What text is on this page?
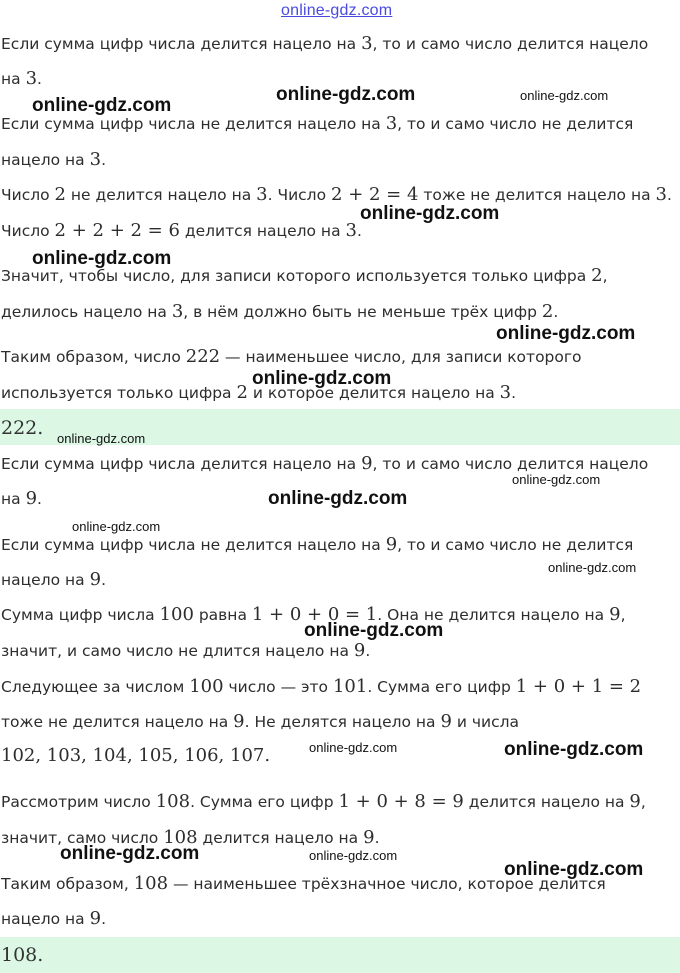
online-gdz.com
Если сумма цифр числа делится нацело на 3, то и само число делится нацело
на 3.
Если сумма цифр числа не делится нацело на 3, то и само число не делится
нацело на 3.
Число 2 не делится нацело на 3. Число 2 + 2 = 4 тоже не делится нацело на 3.
Число 2 + 2 + 2 = 6 делится нацело на 3.
Значит, чтобы число, для записи которого используется только цифра 2,
делилось нацело на 3, в нём должно быть не меньше трёх цифр 2.
Таким образом, число 222 — наименьшее число, для записи которого
используется только цифра 2 и которое делится нацело на 3.
222.
Если сумма цифр числа делится нацело на 9, то и само число делится нацело
на 9.
Если сумма цифр числа не делится нацело на 9, то и само число не делится
нацело на 9.
Сумма цифр числа 100 равна 1 + 0 + 0 = 1. Она не делится нацело на 9,
значит, и само число не длится нацело на 9.
Следующее за числом 100 число — это 101. Сумма его цифр 1 + 0 + 1 = 2
тоже не делится нацело на 9. Не делятся нацело на 9 и числа
102, 103, 104, 105, 106, 107.
Рассмотрим число 108. Сумма его цифр 1 + 0 + 8 = 9 делится нацело на 9,
значит, само число 108 делится нацело на 9.
Таким образом, 108 — наименьшее трёхзначное число, которое делится
нацело на 9.
108.
online-gdz.com
online-gdz.com	online-gdz.com
online-gdz.com
online-gdz.com
online-gdz.com
online-gdz.com
online-gdz.com
online-gdz.com
online-gdz.com
online-gdz.com
online-gdz.com
online-gdz.com
online-gdz.com	online-gdz.com
online-gdz.com	online-gdz.com
online-gdz.com
